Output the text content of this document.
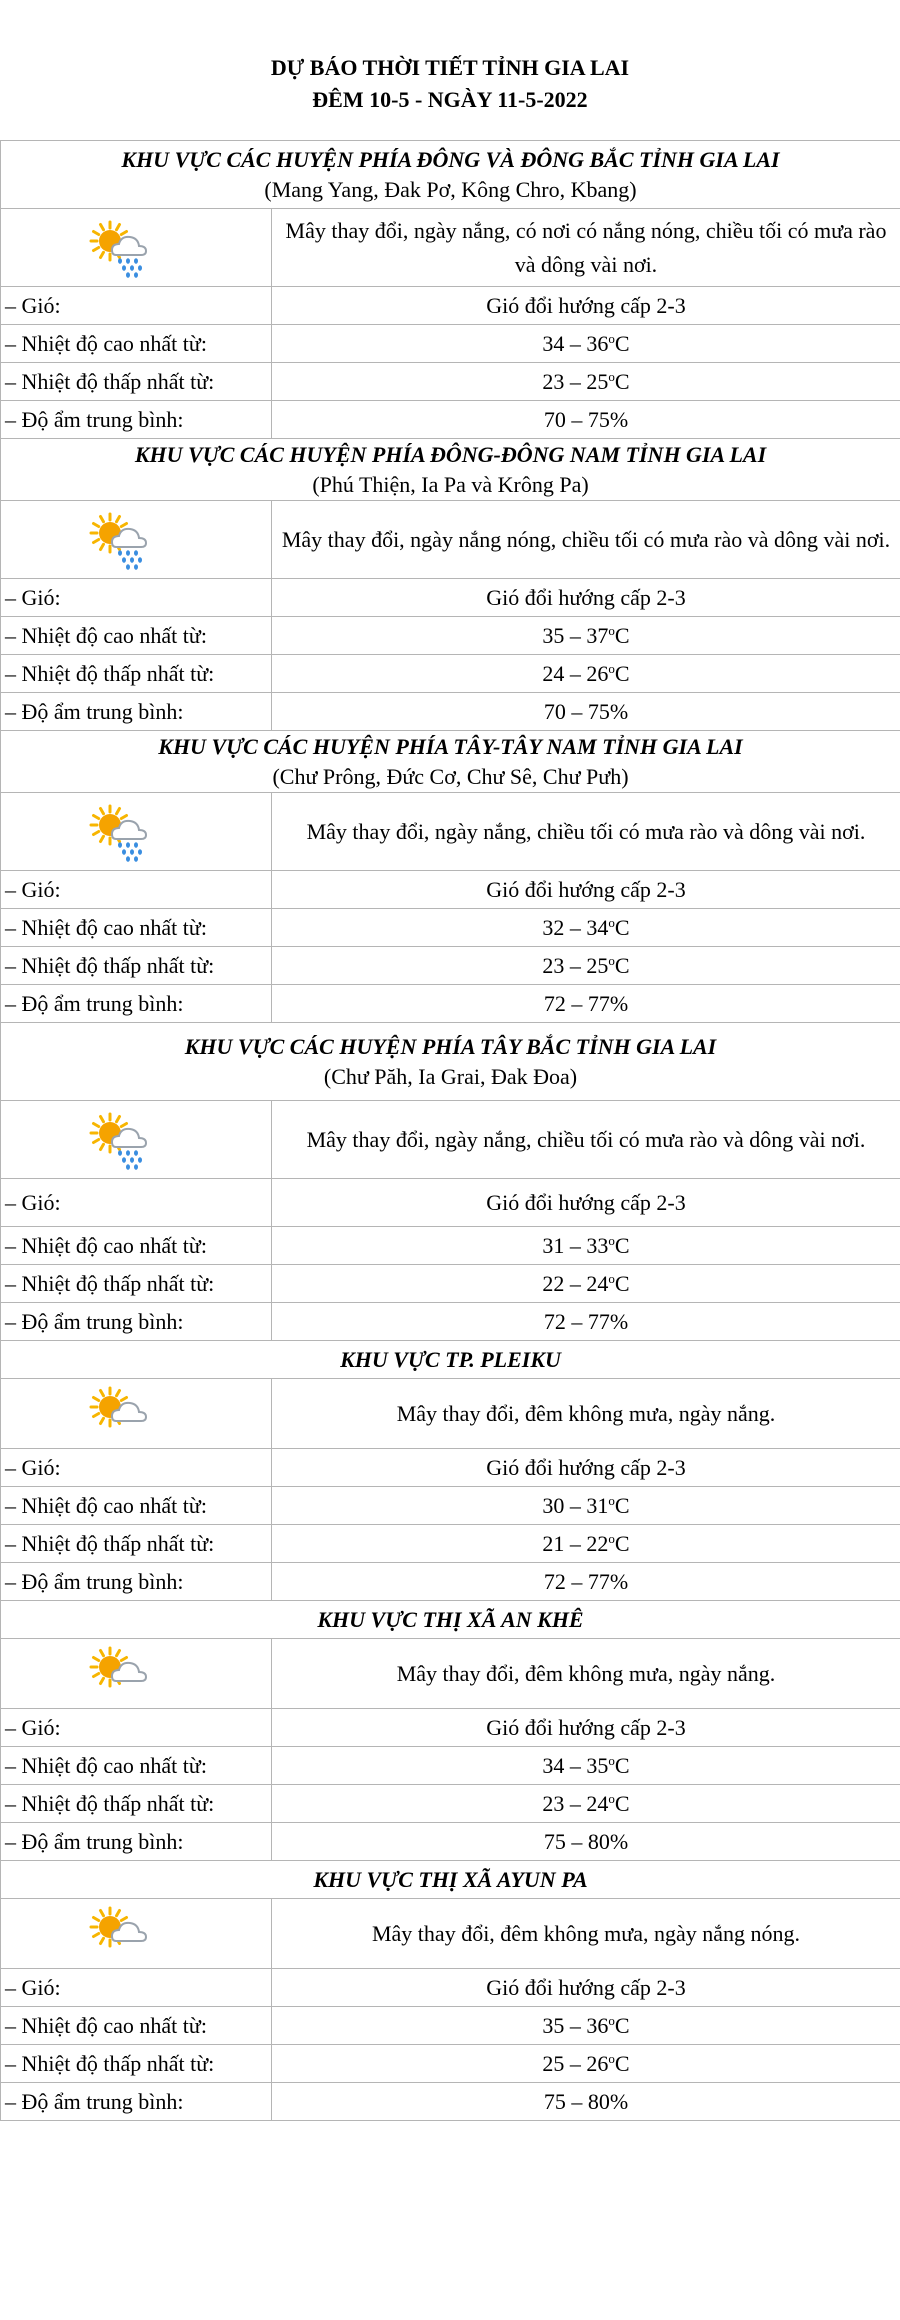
DỰ BÁO THỜI TIẾT TỈNH GIA LAI
ĐÊM 10-5 - NGÀY 11-5-2022
KHU VỰC CÁC HUYỆN PHÍA ĐÔNG VÀ ĐÔNG BẮC TỈNH GIA LAI
(Mang Yang, Đak Pơ, Kông Chro, Kbang)	

	Mây thay đổi, ngày nắng, có nơi có nắng nóng, chiều tối có mưa rào và dông vài nơi.
– Gió:	Gió đổi hướng cấp 2-3
– Nhiệt độ cao nhất từ:	34 – 36$^o$C
– Nhiệt độ thấp nhất từ:	23 – 25$^o$C
– Độ ẩm trung bình:	70 – 75%

KHU VỰC CÁC HUYỆN PHÍA ĐÔNG-ĐÔNG NAM TỈNH GIA LAI
(Phú Thiện, Ia Pa và Krông Pa)	

	Mây thay đổi, ngày nắng nóng, chiều tối có mưa rào và dông vài nơi.
– Gió:	Gió đổi hướng cấp 2-3
– Nhiệt độ cao nhất từ:	35 – 37$^o$C
– Nhiệt độ thấp nhất từ:	24 – 26$^o$C
– Độ ẩm trung bình:	70 – 75%

KHU VỰC CÁC HUYỆN PHÍA TÂY-TÂY NAM TỈNH GIA LAI
(Chư Prông, Đức Cơ, Chư Sê, Chư Pưh)	

	Mây thay đổi, ngày nắng, chiều tối có mưa rào và dông vài nơi.
– Gió:	Gió đổi hướng cấp 2-3
– Nhiệt độ cao nhất từ:	32 – 34$^o$C
– Nhiệt độ thấp nhất từ:	23 – 25$^o$C
– Độ ẩm trung bình:	72 – 77%

KHU VỰC CÁC HUYỆN PHÍA TÂY BẮC TỈNH GIA LAI
(Chư Păh, Ia Grai, Đak Đoa)	

	Mây thay đổi, ngày nắng, chiều tối có mưa rào và dông vài nơi.
– Gió:	Gió đổi hướng cấp 2-3
– Nhiệt độ cao nhất từ:	31 – 33$^o$C
– Nhiệt độ thấp nhất từ:	22 – 24$^o$C
– Độ ẩm trung bình:	72 – 77%

KHU VỰC TP. PLEIKU	

	Mây thay đổi, đêm không mưa, ngày nắng.
– Gió:	Gió đổi hướng cấp 2-3
– Nhiệt độ cao nhất từ:	30 – 31$^o$C
– Nhiệt độ thấp nhất từ:	21 – 22$^o$C
– Độ ẩm trung bình:	72 – 77%

KHU VỰC THỊ XÃ AN KHÊ	

	Mây thay đổi, đêm không mưa, ngày nắng.
– Gió:	Gió đổi hướng cấp 2-3
– Nhiệt độ cao nhất từ:	34 – 35$^o$C
– Nhiệt độ thấp nhất từ:	23 – 24$^o$C
– Độ ẩm trung bình:	75 – 80%

KHU VỰC THỊ XÃ AYUN PA	

	Mây thay đổi, đêm không mưa, ngày nắng nóng.
– Gió:	Gió đổi hướng cấp 2-3
– Nhiệt độ cao nhất từ:	35 – 36$^o$C
– Nhiệt độ thấp nhất từ:	25 – 26$^o$C
– Độ ẩm trung bình:	75 – 80%
